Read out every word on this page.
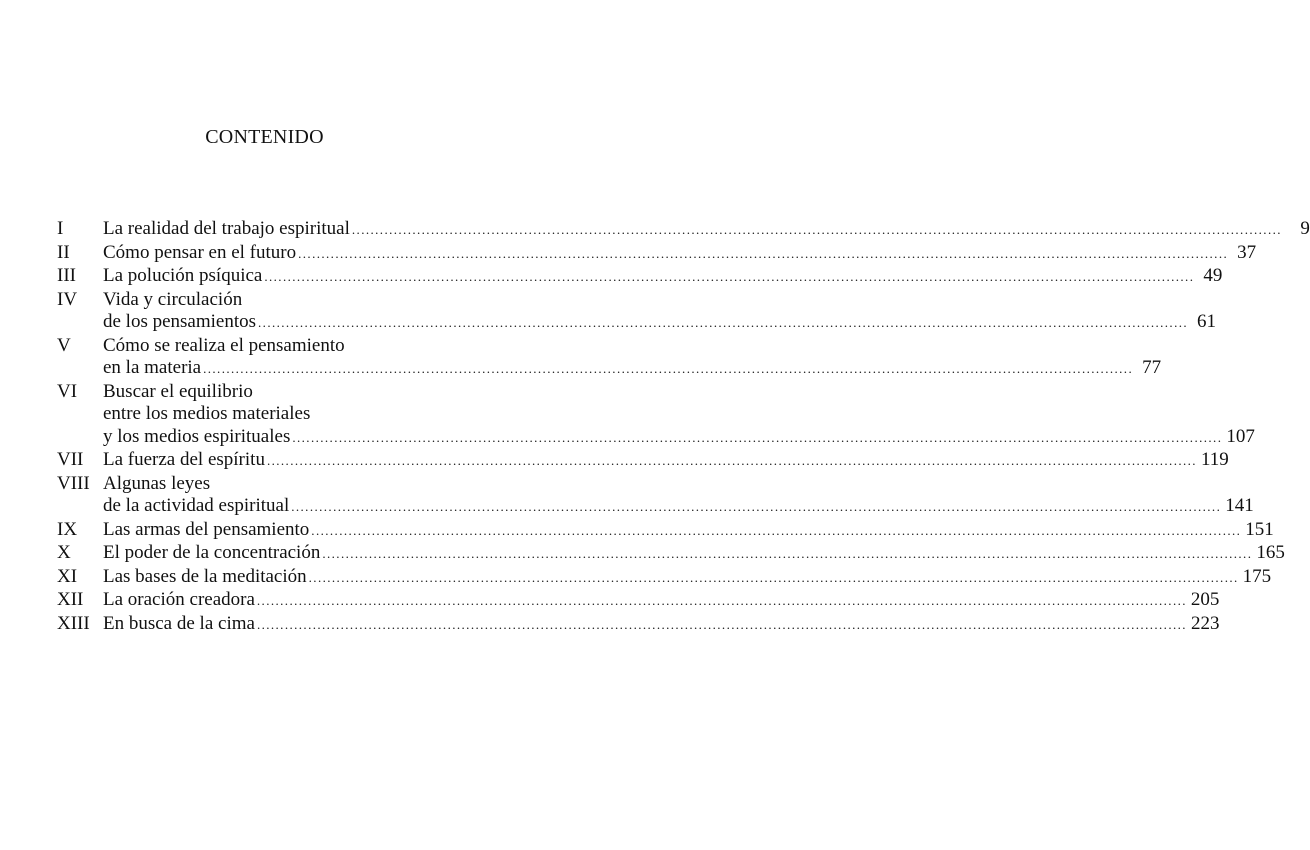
CONTENIDO
I	La realidad del trabajo espiritual ........................................................................................................................................................................................................ 9
II	Cómo pensar en el futuro ........................................................................................................................................................................................................ 37
III	La polución psíquica ........................................................................................................................................................................................................ 49
IV	Vida y circulación
de los pensamientos ........................................................................................................................................................................................................ 61
V	Cómo se realiza el pensamiento
en la materia ........................................................................................................................................................................................................ 77
VI	Buscar el equilibrio
entre los medios materiales
y los medios espirituales ........................................................................................................................................................................................................ 107
VII	La fuerza del espíritu ........................................................................................................................................................................................................ 119
VIII Algunas leyes
de la actividad espiritual ........................................................................................................................................................................................................ 141
IX	Las armas del pensamiento ........................................................................................................................................................................................................ 151
X	El poder de la concentración ........................................................................................................................................................................................................ 165
XI	Las bases de la meditación ........................................................................................................................................................................................................ 175
XII	La oración creadora ........................................................................................................................................................................................................ 205
XIII En busca de la cima ........................................................................................................................................................................................................ 223
